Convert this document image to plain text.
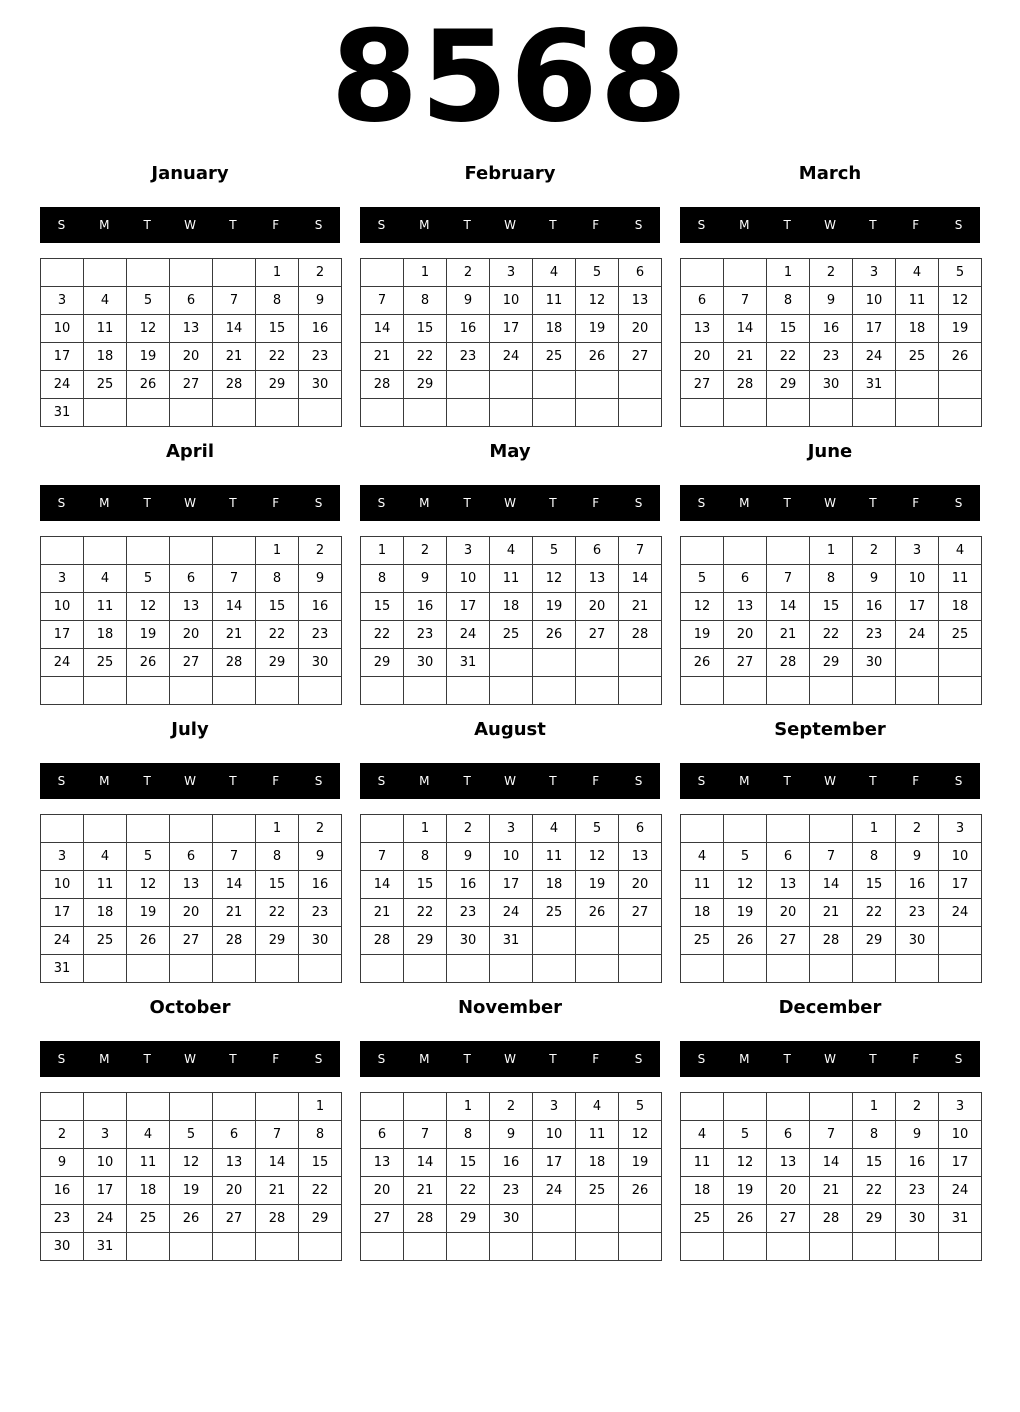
8568
January
S	M	T	W	T	F	S
					1	2
3	4	5	6	7	8	9
10	11	12	13	14	15	16
17	18	19	20	21	22	23
24	25	26	27	28	29	30
31						
February
S	M	T	W	T	F	S
	1	2	3	4	5	6
7	8	9	10	11	12	13
14	15	16	17	18	19	20
21	22	23	24	25	26	27
28	29					

March
S	M	T	W	T	F	S
		1	2	3	4	5
6	7	8	9	10	11	12
13	14	15	16	17	18	19
20	21	22	23	24	25	26
27	28	29	30	31		

April
S	M	T	W	T	F	S
					1	2
3	4	5	6	7	8	9
10	11	12	13	14	15	16
17	18	19	20	21	22	23
24	25	26	27	28	29	30

May
S	M	T	W	T	F	S
1	2	3	4	5	6	7
8	9	10	11	12	13	14
15	16	17	18	19	20	21
22	23	24	25	26	27	28
29	30	31				

June
S	M	T	W	T	F	S
			1	2	3	4
5	6	7	8	9	10	11
12	13	14	15	16	17	18
19	20	21	22	23	24	25
26	27	28	29	30		

July
S	M	T	W	T	F	S
					1	2
3	4	5	6	7	8	9
10	11	12	13	14	15	16
17	18	19	20	21	22	23
24	25	26	27	28	29	30
31						
August
S	M	T	W	T	F	S
	1	2	3	4	5	6
7	8	9	10	11	12	13
14	15	16	17	18	19	20
21	22	23	24	25	26	27
28	29	30	31			

September
S	M	T	W	T	F	S
				1	2	3
4	5	6	7	8	9	10
11	12	13	14	15	16	17
18	19	20	21	22	23	24
25	26	27	28	29	30	

October
S	M	T	W	T	F	S
						1
2	3	4	5	6	7	8
9	10	11	12	13	14	15
16	17	18	19	20	21	22
23	24	25	26	27	28	29
30	31					
November
S	M	T	W	T	F	S
		1	2	3	4	5
6	7	8	9	10	11	12
13	14	15	16	17	18	19
20	21	22	23	24	25	26
27	28	29	30			

December
S	M	T	W	T	F	S
				1	2	3
4	5	6	7	8	9	10
11	12	13	14	15	16	17
18	19	20	21	22	23	24
25	26	27	28	29	30	31
